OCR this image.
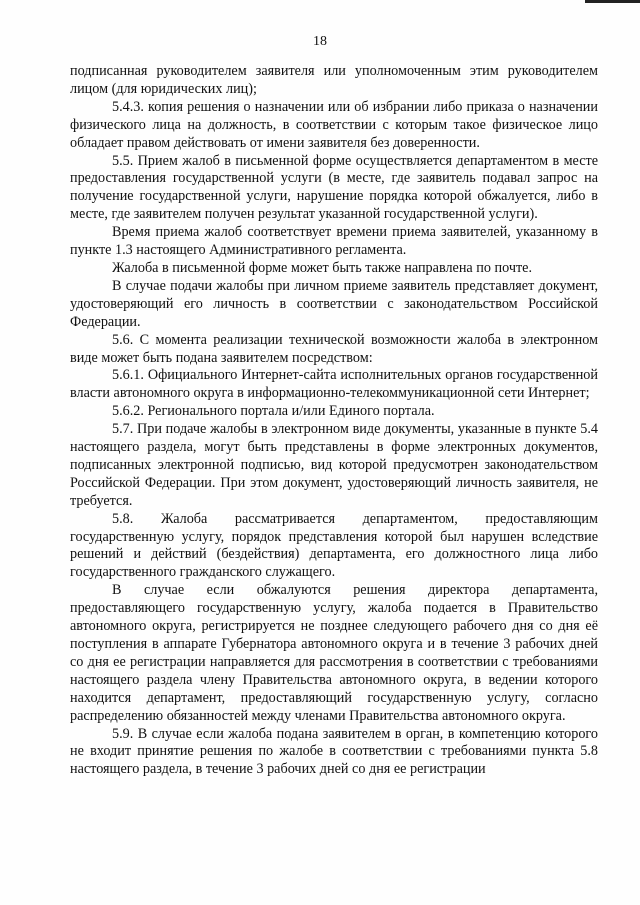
18

подписанная руководителем заявителя или уполномоченным этим руководителем лицом (для юридических лиц);

5.4.3. копия решения о назначении или об избрании либо приказа о назначении физического лица на должность, в соответствии с которым такое физическое лицо обладает правом действовать от имени заявителя без доверенности.

5.5. Прием жалоб в письменной форме осуществляется департаментом в месте предоставления государственной услуги (в месте, где заявитель подавал запрос на получение государственной услуги, нарушение порядка которой обжалуется, либо в месте, где заявителем получен результат указанной государственной услуги).

Время приема жалоб соответствует времени приема заявителей, указанному в пункте 1.3 настоящего Административного регламента.

Жалоба в письменной форме может быть также направлена по почте.

В случае подачи жалобы при личном приеме заявитель представляет документ, удостоверяющий его личность в соответствии с законодательством Российской Федерации.

5.6. С момента реализации технической возможности жалоба в электронном виде может быть подана заявителем посредством:

5.6.1. Официального Интернет-сайта исполнительных органов государственной власти автономного округа в информационно-телекоммуникационной сети Интернет;

5.6.2. Регионального портала и/или Единого портала.

5.7. При подаче жалобы в электронном виде документы, указанные в пункте 5.4 настоящего раздела, могут быть представлены в форме электронных документов, подписанных электронной подписью, вид которой предусмотрен законодательством Российской Федерации. При этом документ, удостоверяющий личность заявителя, не требуется.

5.8. Жалоба рассматривается департаментом, предоставляющим государственную услугу, порядок представления которой был нарушен вследствие решений и действий (бездействия) департамента, его должностного лица либо государственного гражданского служащего.

В случае если обжалуются решения директора департамента, предоставляющего государственную услугу, жалоба подается в Правительство автономного округа, регистрируется не позднее следующего рабочего дня со дня её поступления в аппарате Губернатора автономного округа и в течение 3 рабочих дней со дня ее регистрации направляется для рассмотрения в соответствии с требованиями настоящего раздела члену Правительства автономного округа, в ведении которого находится департамент, предоставляющий государственную услугу, согласно распределению обязанностей между членами Правительства автономного округа.

5.9. В случае если жалоба подана заявителем в орган, в компетенцию которого не входит принятие решения по жалобе в соответствии с требованиями пункта 5.8 настоящего раздела, в течение 3 рабочих дней со дня ее регистрации
